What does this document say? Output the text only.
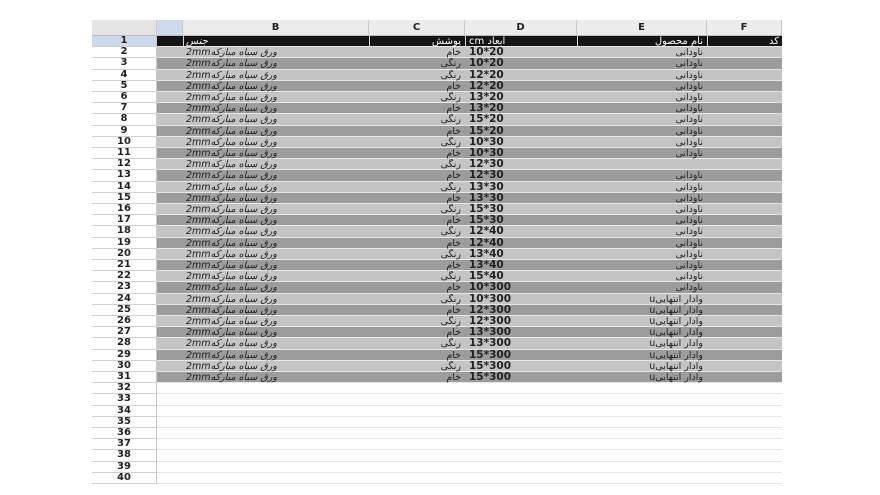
B	C	D	E	F
1	جنس	پوشش cm ابعاد	نام محصول	کد
2	ورق سیاه مبارکه2mm	خام 10*20	ناودانی
3	ورق سیاه مبارکه2mm	رنگی 10*20	ناودانی
4	ورق سیاه مبارکه2mm	رنگی 12*20	ناودانی
5	ورق سیاه مبارکه2mm	خام 12*20	ناودانی
6	ورق سیاه مبارکه2mm	رنگی 13*20	ناودانی
7	ورق سیاه مبارکه2mm	خام 13*20	ناودانی
8	ورق سیاه مبارکه2mm	رنگی 15*20	ناودانی
9	ورق سیاه مبارکه2mm	خام 15*20	ناودانی
10	ورق سیاه مبارکه2mm	رنگی 10*30	ناودانی
11	ورق سیاه مبارکه2mm	خام 10*30	ناودانی
12	ورق سیاه مبارکه2mm	رنگی 12*30
13	ورق سیاه مبارکه2mm	خام 12*30	ناودانی
14	ورق سیاه مبارکه2mm	رنگی 13*30	ناودانی
15	ورق سیاه مبارکه2mm	خام 13*30	ناودانی
16	ورق سیاه مبارکه2mm	رنگی 15*30	ناودانی
17	ورق سیاه مبارکه2mm	خام 15*30	ناودانی
18	ورق سیاه مبارکه2mm	رنگی 12*40	ناودانی
19	ورق سیاه مبارکه2mm	خام 12*40	ناودانی
20	ورق سیاه مبارکه2mm	رنگی 13*40	ناودانی
21	ورق سیاه مبارکه2mm	خام 13*40	ناودانی
22	ورق سیاه مبارکه2mm	رنگی 15*40	ناودانی
23	ورق سیاه مبارکه2mm	خام 10*300	ناودانی
24	ورق سیاه مبارکه2mm	رنگی 10*300	وادار انتهاییu
25	ورق سیاه مبارکه2mm	خام 12*300	وادار انتهاییu
26	ورق سیاه مبارکه2mm	رنگی 12*300	وادار انتهاییu
27	ورق سیاه مبارکه2mm	خام 13*300	وادار انتهاییu
28	ورق سیاه مبارکه2mm	رنگی 13*300	وادار انتهاییu
29	ورق سیاه مبارکه2mm	خام 15*300	وادار انتهاییu
30	ورق سیاه مبارکه2mm	رنگی 15*300	وادار انتهاییu
31	ورق سیاه مبارکه2mm	خام 15*300	وادار انتهاییu
32
33
34
35
36
37
38
39
40
